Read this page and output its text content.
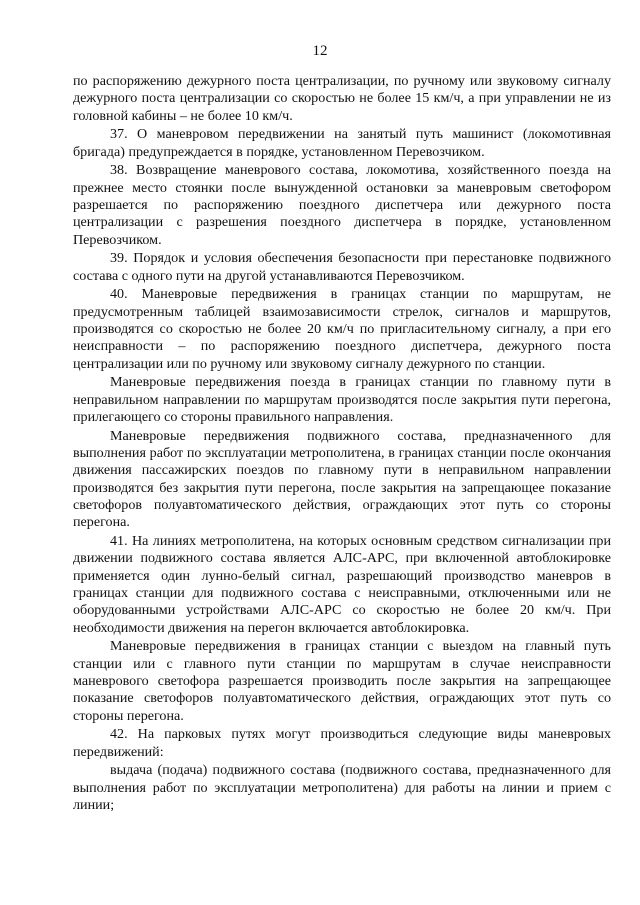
12

по распоряжению дежурного поста централизации, по ручному или звуковому сигналу дежурного поста централизации со скоростью не более 15 км/ч, а при управлении не из головной кабины – не более 10 км/ч.

37. О маневровом передвижении на занятый путь машинист (локомотивная бригада) предупреждается в порядке, установленном Перевозчиком.

38. Возвращение маневрового состава, локомотива, хозяйственного поезда на прежнее место стоянки после вынужденной остановки за маневровым светофором разрешается по распоряжению поездного диспетчера или дежурного поста централизации с разрешения поездного диспетчера в порядке, установленном Перевозчиком.

39. Порядок и условия обеспечения безопасности при перестановке подвижного состава с одного пути на другой устанавливаются Перевозчиком.

40. Маневровые передвижения в границах станции по маршрутам, не предусмотренным таблицей взаимозависимости стрелок, сигналов и маршрутов, производятся со скоростью не более 20 км/ч по пригласительному сигналу, а при его неисправности – по распоряжению поездного диспетчера, дежурного поста централизации или по ручному или звуковому сигналу дежурного по станции.

Маневровые передвижения поезда в границах станции по главному пути в неправильном направлении по маршрутам производятся после закрытия пути перегона, прилегающего со стороны правильного направления.

Маневровые передвижения подвижного состава, предназначенного для выполнения работ по эксплуатации метрополитена, в границах станции после окончания движения пассажирских поездов по главному пути в неправильном направлении производятся без закрытия пути перегона, после закрытия на запрещающее показание светофоров полуавтоматического действия, ограждающих этот путь со стороны перегона.

41. На линиях метрополитена, на которых основным средством сигнализации при движении подвижного состава является АЛС-АРС, при включенной автоблокировке применяется один лунно-белый сигнал, разрешающий производство маневров в границах станции для подвижного состава с неисправными, отключенными или не оборудованными устройствами АЛС-АРС со скоростью не более 20 км/ч. При необходимости движения на перегон включается автоблокировка.

Маневровые передвижения в границах станции с выездом на главный путь станции или с главного пути станции по маршрутам в случае неисправности маневрового светофора разрешается производить после закрытия на запрещающее показание светофоров полуавтоматического действия, ограждающих этот путь со стороны перегона.

42. На парковых путях могут производиться следующие виды маневровых передвижений:

выдача (подача) подвижного состава (подвижного состава, предназначенного для выполнения работ по эксплуатации метрополитена) для работы на линии и прием с линии;
